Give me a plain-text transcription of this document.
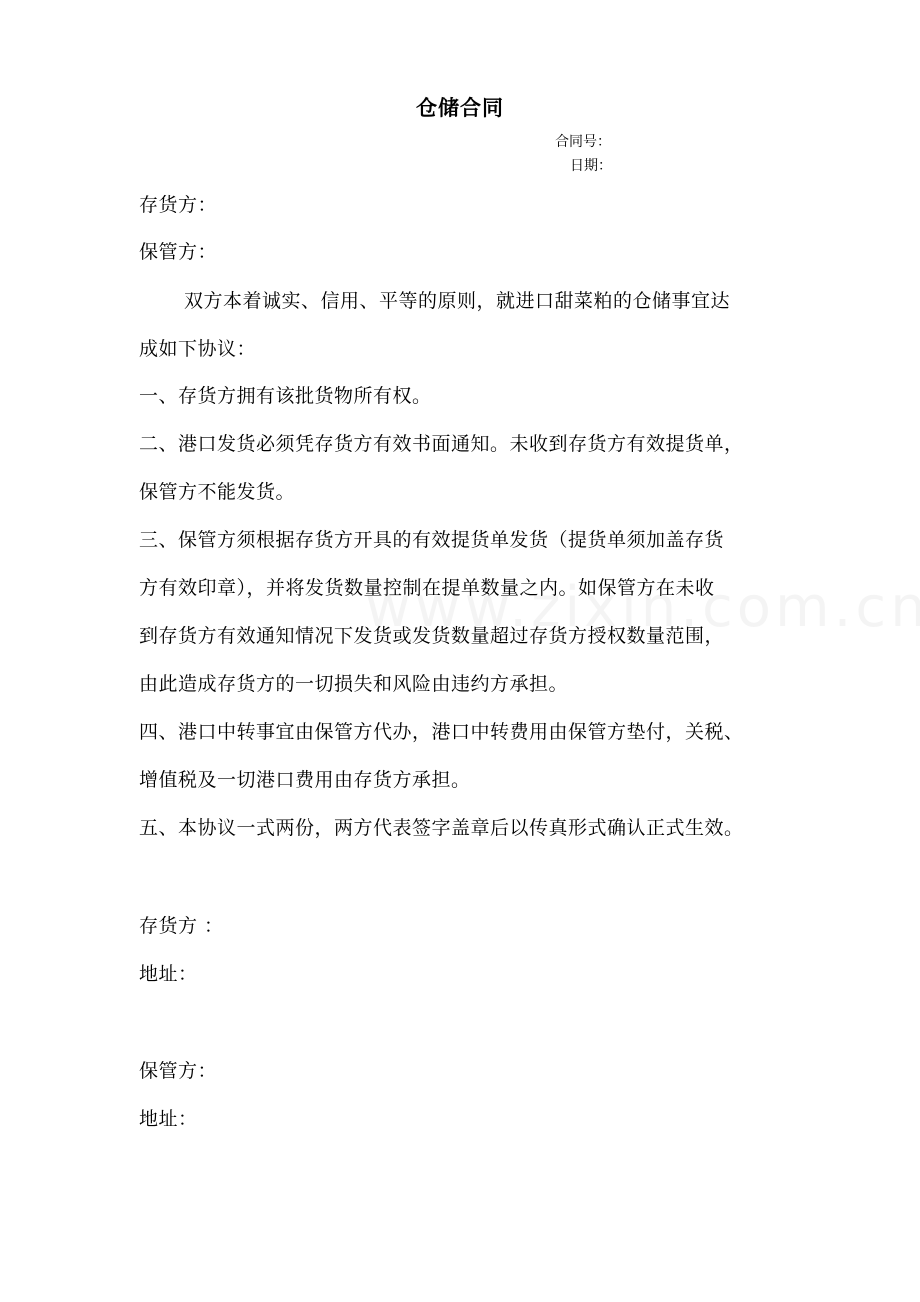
仓储合同
合同号：
日期：
存货方：
保管方：
双方本着诚实、信用、平等的原则，就进口甜菜粕的仓储事宜达
成如下协议：
一、存货方拥有该批货物所有权。
二、港口发货必须凭存货方有效书面通知。未收到存货方有效提货单，
保管方不能发货。
三、保管方须根据存货方开具的有效提货单发货（提货单须加盖存货
方有效印章），并将发货数量控制在提单数量之内。如保管方在未收
到存货方有效通知情况下发货或发货数量超过存货方授权数量范围，
由此造成存货方的一切损失和风险由违约方承担。
四、港口中转事宜由保管方代办，港口中转费用由保管方垫付，关税、
增值税及一切港口费用由存货方承担。
五、本协议一式两份，两方代表签字盖章后以传真形式确认正式生效。
存货方 ：
地址：
保管方：
地址：
